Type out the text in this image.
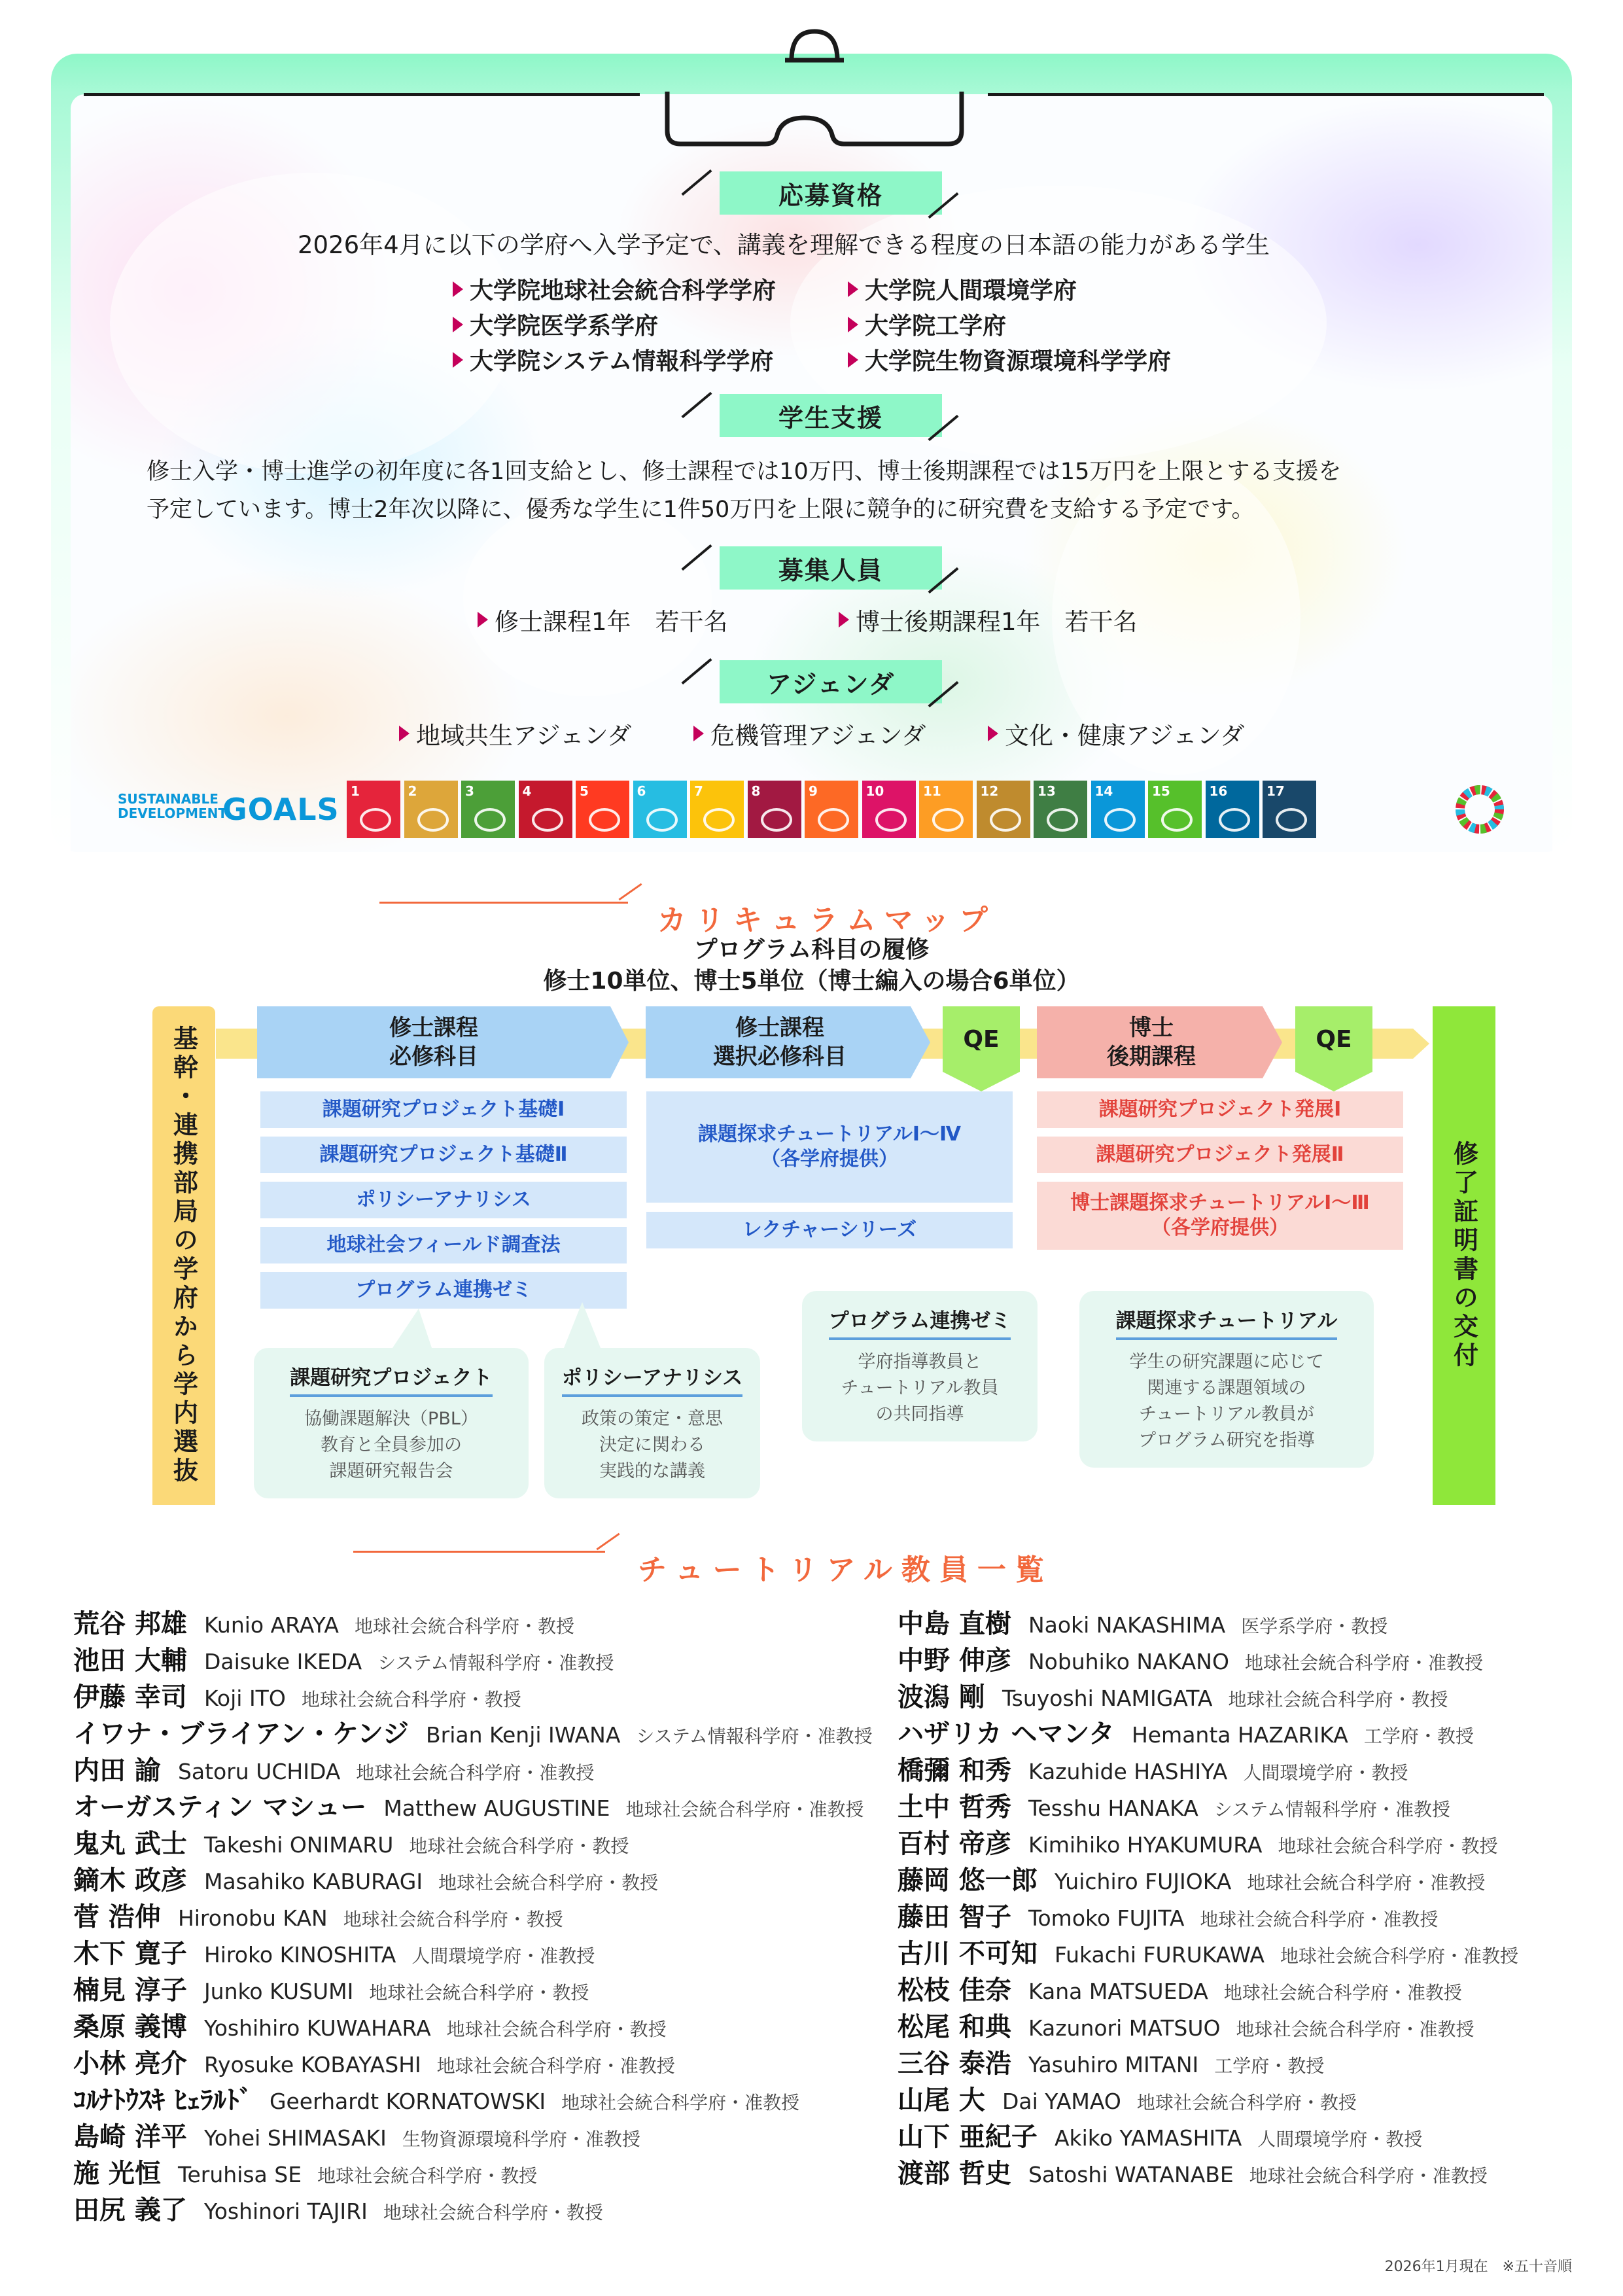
応募資格
2026年4月に以下の学府へ入学予定で、講義を理解できる程度の日本語の能力がある学生
大学院地球社会統合科学学府	大学院人間環境学府
大学院医学系学府	大学院工学府
大学院システム情報科学学府	大学院生物資源環境科学学府
学生支援
修士入学・博士進学の初年度に各1回支給とし、修士課程では10万円、博士後期課程では15万円を上限とする支援を
予定しています。博士2年次以降に、優秀な学生に1件50万円を上限に競争的に研究費を支給する予定です。
募集人員
修士課程1年　若干名	博士後期課程1年　若干名
アジェンダ
地域共生アジェンダ	危機管理アジェンダ	文化・健康アジェンダ
SUSTAINABLE
DEVELOPMENT
GOALS
1	2	3	4	5	6	7	8	9	10	11	12	13	14	15	16	17
カリキュラムマップ
プログラム科目の履修
修士10単位、博士5単位（博士編入の場合6単位）
基幹・連携部局の学府から学内選抜	修了証明書の交付
修士課程
必修科目
修士課程
選択必修科目
QE	博士
後期課程
QE
課題研究プロジェクト基礎Ⅰ
課題研究プロジェクト基礎Ⅱ
ポリシーアナリシス
地球社会フィールド調査法
プログラム連携ゼミ
課題探求チュートリアルⅠ～Ⅳ
（各学府提供）
レクチャーシリーズ
課題研究プロジェクト発展Ⅰ
課題研究プロジェクト発展Ⅱ
博士課題探求チュートリアルⅠ～Ⅲ
（各学府提供）
課題研究プロジェクト
協働課題解決（PBL）
教育と全員参加の
課題研究報告会
ポリシーアナリシス
政策の策定・意思
決定に関わる
実践的な講義
プログラム連携ゼミ
学府指導教員と
チュートリアル教員
の共同指導
課題探求チュートリアル
学生の研究課題に応じて
関連する課題領域の
チュートリアル教員が
プログラム研究を指導
チュートリアル教員一覧
荒谷 邦雄 Kunio ARAYA 地球社会統合科学府・教授
池田 大輔 Daisuke IKEDA システム情報科学府・准教授
伊藤 幸司 Koji ITO 地球社会統合科学府・教授
イワナ・ブライアン・ケンジ Brian Kenji IWANA システム情報科学府・准教授
内田 諭 Satoru UCHIDA 地球社会統合科学府・准教授
オーガスティン マシュー Matthew AUGUSTINE 地球社会統合科学府・准教授
鬼丸 武士 Takeshi ONIMARU 地球社会統合科学府・教授
鏑木 政彦 Masahiko KABURAGI 地球社会統合科学府・教授
菅 浩伸 Hironobu KAN 地球社会統合科学府・教授
木下 寛子 Hiroko KINOSHITA 人間環境学府・准教授
楠見 淳子 Junko KUSUMI 地球社会統合科学府・教授
桑原 義博 Yoshihiro KUWAHARA 地球社会統合科学府・教授
小林 亮介 Ryosuke KOBAYASHI 地球社会統合科学府・准教授
ｺﾙﾅﾄｳｽｷ ﾋｪﾗﾙﾄﾞ Geerhardt KORNATOWSKI 地球社会統合科学府・准教授
島崎 洋平 Yohei SHIMASAKI 生物資源環境科学府・准教授
施 光恒 Teruhisa SE 地球社会統合科学府・教授
田尻 義了 Yoshinori TAJIRI 地球社会統合科学府・教授
中島 直樹 Naoki NAKASHIMA 医学系学府・教授
中野 伸彦 Nobuhiko NAKANO 地球社会統合科学府・准教授
波潟 剛 Tsuyoshi NAMIGATA 地球社会統合科学府・教授
ハザリカ ヘマンタ Hemanta HAZARIKA 工学府・教授
橋彌 和秀 Kazuhide HASHIYA 人間環境学府・教授
土中 哲秀 Tesshu HANAKA システム情報科学府・准教授
百村 帝彦 Kimihiko HYAKUMURA 地球社会統合科学府・教授
藤岡 悠一郎 Yuichiro FUJIOKA 地球社会統合科学府・准教授
藤田 智子 Tomoko FUJITA 地球社会統合科学府・准教授
古川 不可知 Fukachi FURUKAWA 地球社会統合科学府・准教授
松枝 佳奈 Kana MATSUEDA 地球社会統合科学府・准教授
松尾 和典 Kazunori MATSUO 地球社会統合科学府・准教授
三谷 泰浩 Yasuhiro MITANI 工学府・教授
山尾 大 Dai YAMAO 地球社会統合科学府・教授
山下 亜紀子 Akiko YAMASHITA 人間環境学府・教授
渡部 哲史 Satoshi WATANABE 地球社会統合科学府・准教授
2026年1月現在　※五十音順
